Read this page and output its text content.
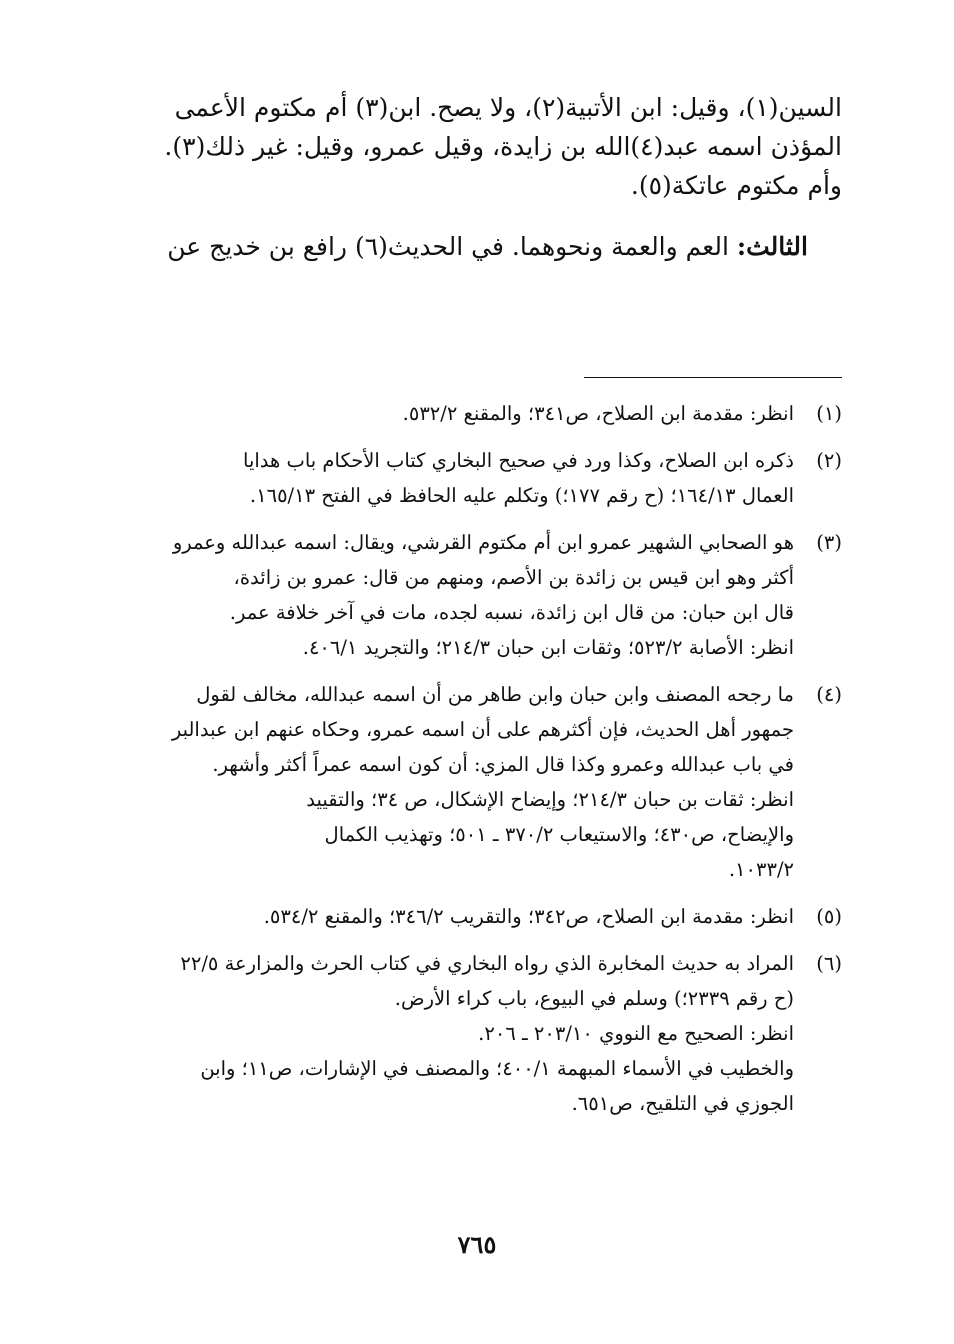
السين(١)، وقيل: ابن الأتبية(٢)، ولا يصح. ابن(٣) أم مكتوم الأعمى
المؤذن اسمه عبد(٤)الله بن زايدة، وقيل عمرو، وقيل: غير ذلك(٣).

وأم مكتوم عاتكة(٥).

الثالث: العم والعمة ونحوهما. في الحديث(٦) رافع بن خديج عن

(١)
انظر: مقدمة ابن الصلاح، ص٣٤١؛ والمقنع ٥٣٢/٢.
(٢)
ذكره ابن الصلاح، وكذا ورد في صحيح البخاري كتاب الأحكام باب هدايا
العمال ١٦٤/١٣؛ (ح رقم ١٧٧؛) وتكلم عليه الحافظ في الفتح ١٦٥/١٣.
(٣)
هو الصحابي الشهير عمرو ابن أم مكتوم القرشي، ويقال: اسمه عبدالله وعمرو
أكثر وهو ابن قيس بن زائدة بن الأصم، ومنهم من قال: عمرو بن زائدة،
قال ابن حبان: من قال ابن زائدة، نسبه لجده، مات في آخر خلافة عمر.
انظر: الأصابة ٥٢٣/٢؛ وثقات ابن حبان ٢١٤/٣؛ والتجريد ٤٠٦/١.
(٤)
ما رجحه المصنف وابن حبان وابن طاهر من أن اسمه عبدالله، مخالف لقول
جمهور أهل الحديث، فإن أكثرهم على أن اسمه عمرو، وحكاه عنهم ابن عبدالبر
في باب عبدالله وعمرو وكذا قال المزي: أن كون اسمه عمراً أكثر وأشهر.
انظر: ثقات بن حبان ٢١٤/٣؛ وإيضاح الإشكال، ص ٣٤؛ والتقييد
والإيضاح، ص٤٣٠؛ والاستيعاب ٣٧٠/٢ ـ ٥٠١؛ وتهذيب الكمال
١٠٣٣/٢.
(٥)
انظر: مقدمة ابن الصلاح، ص٣٤٢؛ والتقريب ٣٤٦/٢؛ والمقنع ٥٣٤/٢.
(٦)
المراد به حديث المخابرة الذي رواه البخاري في كتاب الحرث والمزارعة ٢٢/٥
(ح رقم ٢٣٣٩؛) وسلم في البيوع، باب كراء الأرض.
انظر: الصحيح مع النووي ٢٠٣/١٠ ـ ٢٠٦.
والخطيب في الأسماء المبهمة ٤٠٠/١؛ والمصنف في الإشارات، ص١١؛ وابن
الجوزي في التلقيح، ص٦٥١.
٧٦٥
